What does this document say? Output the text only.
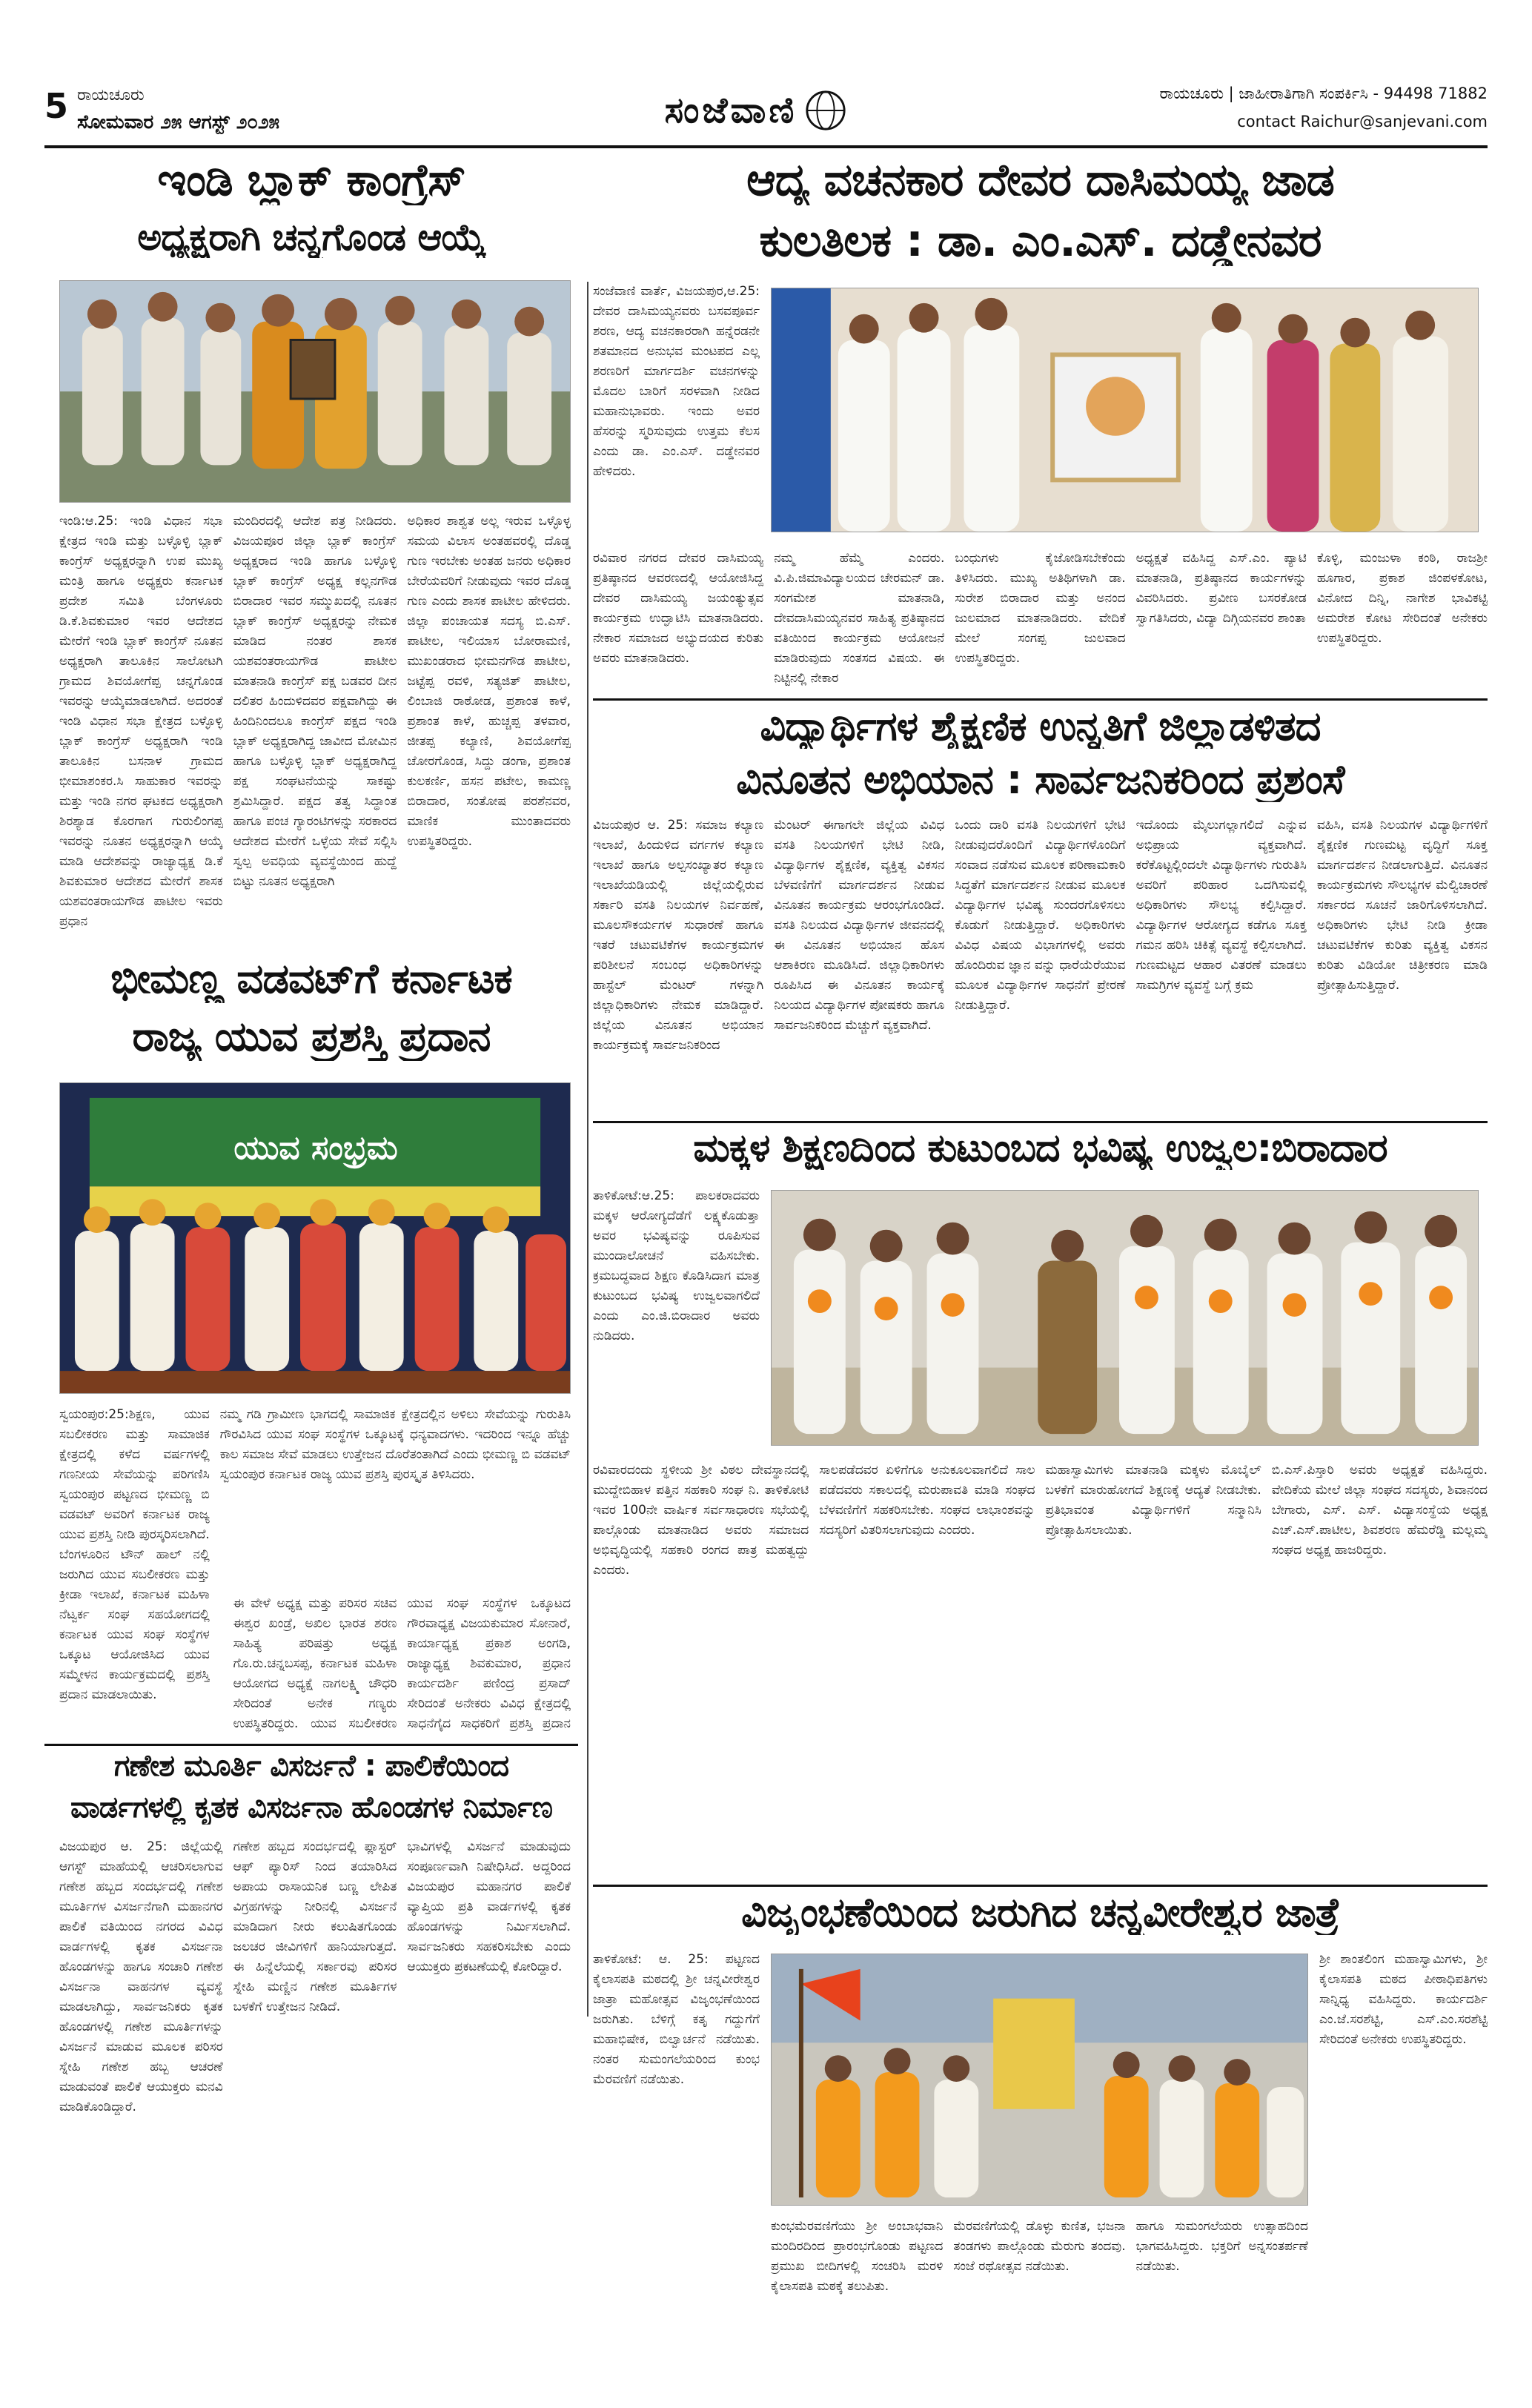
5 ರಾಯಚೂರು
ಸೋಮವಾರ ೨೫ ಆಗಸ್ಟ್ ೨೦೨೫	ಸಂಜೆವಾಣಿ	ರಾಯಚೂರು | ಜಾಹೀರಾತಿಗಾಗಿ ಸಂಪರ್ಕಿಸಿ - 94498 71882
contact Raichur@sanjevani.com
ಇಂಡಿ ಬ್ಲಾಕ್ ಕಾಂಗ್ರೆಸ್
ಅಧ್ಯಕ್ಷರಾಗಿ ಚನ್ನಗೊಂಡ ಆಯ್ಕೆ
ಇಂಡಿ:ಆ.25: ಇಂಡಿ ವಿಧಾನ ಸಭಾ ಕ್ಷೇತ್ರದ ಇಂಡಿ ಮತ್ತು ಬಳ್ಳೊಳ್ಳಿ ಬ್ಲಾಕ್ ಕಾಂಗ್ರೆಸ್ ಅಧ್ಯಕ್ಷರನ್ನಾಗಿ ಉಪ ಮುಖ್ಯ ಮಂತ್ರಿ ಹಾಗೂ ಅಧ್ಯಕ್ಷರು ಕರ್ನಾಟಕ ಪ್ರದೇಶ ಸಮಿತಿ ಬೆಂಗಳೂರು ಡಿ.ಕೆ.ಶಿವಕುಮಾರ ಇವರ ಆದೇಶದ ಮೇರೆಗೆ ಇಂಡಿ ಬ್ಲಾಕ್ ಕಾಂಗ್ರೆಸ್ ನೂತನ ಅಧ್ಯಕ್ಷರಾಗಿ ತಾಲೂಕಿನ ಸಾಲೋಟಗಿ ಗ್ರಾಮದ ಶಿವಯೋಗೆಪ್ಪ ಚನ್ನಗೊಂಡ ಇವರನ್ನು ಆಯ್ಕೆಮಾಡಲಾಗಿದೆ. ಅದರಂತೆ ಇಂಡಿ ವಿಧಾನ ಸಭಾ ಕ್ಷೇತ್ರದ ಬಳ್ಳೊಳ್ಳಿ ಬ್ಲಾಕ್ ಕಾಂಗ್ರೆಸ್ ಅಧ್ಯಕ್ಷರಾಗಿ ಇಂಡಿ ತಾಲೂಕಿನ ಬಸನಾಳ ಗ್ರಾಮದ ಭೀಮಾಶಂಕರ.ಸಿ ಸಾಹುಕಾರ ಇವರನ್ನು ಮತ್ತು ಇಂಡಿ ನಗರ ಘಟಕದ ಅಧ್ಯಕ್ಷರಾಗಿ ಶಿರಶ್ಯಾಡ ಕೊರಗಾಗ ಗುರುಲಿಂಗಪ್ಪ ಇವರನ್ನು ನೂತನ ಅಧ್ಯಕ್ಷರನ್ನಾಗಿ ಆಯ್ಕೆ ಮಾಡಿ ಆದೇಶವನ್ನು ರಾಜ್ಯಾಧ್ಯಕ್ಷ ಡಿ.ಕೆ ಶಿವಕುಮಾರ ಆದೇಶದ ಮೇರೆಗೆ ಶಾಸಕ ಯಶವಂತರಾಯಗೌಡ ಪಾಟೀಲ ಇವರು ಪ್ರಧಾನ
ಮಂದಿರದಲ್ಲಿ ಆದೇಶ ಪತ್ರ ನೀಡಿದರು. ವಿಜಯಪೂರ ಜಿಲ್ಲಾ ಬ್ಲಾಕ್ ಕಾಂಗ್ರೆಸ್ ಅಧ್ಯಕ್ಷರಾದ ಇಂಡಿ ಹಾಗೂ ಬಳ್ಳೊಳ್ಳಿ ಬ್ಲಾಕ್ ಕಾಂಗ್ರೆಸ್ ಅಧ್ಯಕ್ಷ ಕಲ್ಲನಗೌಡ ಬಿರಾದಾರ ಇವರ ಸಮ್ಮುಖದಲ್ಲಿ ನೂತನ ಬ್ಲಾಕ್ ಕಾಂಗ್ರೆಸ್ ಅಧ್ಯಕ್ಷರನ್ನು ನೇಮಕ ಮಾಡಿದ ನಂತರ ಶಾಸಕ ಯಶವಂತರಾಯಗೌಡ ಪಾಟೀಲ ಮಾತನಾಡಿ ಕಾಂಗ್ರೆಸ್ ಪಕ್ಷ ಬಡವರ ದೀನ ದಲಿತರ ಹಿಂದುಳಿದವರ ಪಕ್ಷವಾಗಿದ್ದು ಈ ಹಿಂದಿನಿಂದಲೂ ಕಾಂಗ್ರೆಸ್ ಪಕ್ಷದ ಇಂಡಿ ಬ್ಲಾಕ್ ಅಧ್ಯಕ್ಷರಾಗಿದ್ದ ಜಾವೀದ ಮೋಮಿನ ಹಾಗೂ ಬಳ್ಳೊಳ್ಳಿ ಬ್ಲಾಕ್ ಅಧ್ಯಕ್ಷರಾಗಿದ್ದ ಪಕ್ಷ ಸಂಘಟನೆಯನ್ನು ಸಾಕಷ್ಟು ಶ್ರಮಿಸಿದ್ದಾರೆ. ಪಕ್ಷದ ತತ್ವ ಸಿದ್ಧಾಂತ ಹಾಗೂ ಪಂಚ ಗ್ಯಾರಂಟಿಗಳನ್ನು ಸರಕಾರದ ಆದೇಶದ ಮೇರೆಗೆ ಒಳ್ಳೆಯ ಸೇವೆ ಸಲ್ಲಿಸಿ ಸ್ವಲ್ಪ ಅವಧಿಯ ವ್ಯವಸ್ಥೆಯಿಂದ ಹುದ್ದೆ ಬಿಟ್ಟು ನೂತನ ಅಧ್ಯಕ್ಷರಾಗಿ
ಅಧಿಕಾರ ಶಾಶ್ವತ ಅಲ್ಲ ಇರುವ ಒಳ್ಳೊಳ್ಳ ಸಮಯ ವಿಲಾಸ ಅಂತಹವರಲ್ಲಿ ದೊಡ್ಡ ಗುಣ ಇರಬೇಕು ಅಂತಹ ಜನರು ಅಧಿಕಾರ ಬೇರೆಯವರಿಗೆ ನೀಡುವುದು ಇವರ ದೊಡ್ಡ ಗುಣ ಎಂದು ಶಾಸಕ ಪಾಟೀಲ ಹೇಳಿದರು. ಜಿಲ್ಲಾ ಪಂಚಾಯತ ಸದಸ್ಯ ಬಿ.ಎಸ್. ಪಾಟೀಲ, ಇಲಿಯಾಸ ಬೋರಾಮಣಿ, ಮುಖಂಡರಾದ ಭೀಮನಗೌಡ ಪಾಟೀಲ, ಜಟ್ಟೆಪ್ಪ ರವಳಿ, ಸತ್ಯಜಿತ್ ಪಾಟೀಲ, ಲಿಂಬಾಜಿ ರಾಠೋಡ, ಪ್ರಶಾಂತ ಕಾಳೆ, ಪ್ರಶಾಂತ ಕಾಳೆ, ಹುಚ್ಚಪ್ಪ ತಳವಾರ, ಜೀತಪ್ಪ ಕಲ್ಯಾಣಿ, ಶಿವಯೋಗೆಪ್ಪ ಚೋರಗೊಂಡ, ಸಿದ್ದು ಡಂಗಾ, ಪ್ರಶಾಂತ ಕುಲಕರ್ಣಿ, ಹಸನ ಪಟೇಲ, ಕಾಮಣ್ಣ ಬಿರಾದಾರ, ಸಂತೋಷ ಪರಶೆನವರ, ಮಾಣಿಕ ಮುಂತಾದವರು ಉಪಸ್ಥಿತರಿದ್ದರು.
ಆದ್ಯ ವಚನಕಾರ ದೇವರ ದಾಸಿಮಯ್ಯ ಜಾಡ
ಕುಲತಿಲಕ : ಡಾ. ಎಂ.ಎಸ್. ದಡ್ಡೇನವರ
ಸಂಜೆವಾಣಿ ವಾರ್ತೆ, ವಿಜಯಪುರ,ಆ.25: ದೇವರ ದಾಸಿಮಯ್ಯನವರು ಬಸವಪೂರ್ವ ಶರಣ, ಆದ್ಯ ವಚನಕಾರರಾಗಿ ಹನ್ನೆರಡನೇ ಶತಮಾನದ ಅನುಭವ ಮಂಟಪದ ಎಲ್ಲ ಶರಣರಿಗೆ ಮಾರ್ಗದರ್ಶಿ ವಚನಗಳನ್ನು ಮೊದಲ ಬಾರಿಗೆ ಸರಳವಾಗಿ ನೀಡಿದ ಮಹಾನುಭಾವರು. ಇಂದು ಅವರ ಹೆಸರನ್ನು ಸ್ಮರಿಸುವುದು ಉತ್ತಮ ಕೆಲಸ ಎಂದು ಡಾ. ಎಂ.ಎಸ್. ದಡ್ಡೇನವರ ಹೇಳಿದರು.
ರವಿವಾರ ನಗರದ ದೇವರ ದಾಸಿಮಯ್ಯ ಪ್ರತಿಷ್ಠಾನದ ಆವರಣದಲ್ಲಿ ಆಯೋಜಿಸಿದ್ದ ದೇವರ ದಾಸಿಮಯ್ಯ ಜಯಂತ್ಯುತ್ಸವ ಕಾರ್ಯಕ್ರಮ ಉದ್ಘಾಟಿಸಿ ಮಾತನಾಡಿದರು. ನೇಕಾರ ಸಮಾಜದ ಅಭ್ಯುದಯದ ಕುರಿತು ಅವರು ಮಾತನಾಡಿದರು.
ನಮ್ಮ ಹೆಮ್ಮೆ ಎಂದರು. ವಿ.ಪಿ.ಜಿಮಾವಿದ್ಯಾಲಯದ ಚೇರಮನ್ ಡಾ. ಸಂಗಮೇಶ ಮಾತನಾಡಿ, ದೇವದಾಸಿಮಯ್ಯನವರ ಸಾಹಿತ್ಯ ಪ್ರತಿಷ್ಠಾನದ ವತಿಯಿಂದ ಕಾರ್ಯಕ್ರಮ ಆಯೋಜನೆ ಮಾಡಿರುವುದು ಸಂತಸದ ವಿಷಯ. ಈ ನಿಟ್ಟಿನಲ್ಲಿ ನೇಕಾರ
ಬಂಧುಗಳು ಕೈಜೋಡಿಸಬೇಕೆಂದು ತಿಳಿಸಿದರು. ಮುಖ್ಯ ಅತಿಥಿಗಳಾಗಿ ಡಾ. ಸುರೇಶ ಬಿರಾದಾರ ಮತ್ತು ಅನಂದ ಜುಲಮಾದ ಮಾತನಾಡಿದರು. ವೇದಿಕೆ ಮೇಲೆ ಸಂಗಪ್ಪ ಜುಲವಾದ ಉಪಸ್ಥಿತರಿದ್ದರು.
ಅಧ್ಯಕ್ಷತೆ ವಹಿಸಿದ್ದ ಎಸ್.ಎಂ. ಪ್ಯಾಟಿ ಮಾತನಾಡಿ, ಪ್ರತಿಷ್ಠಾನದ ಕಾರ್ಯಗಳನ್ನು ವಿವರಿಸಿದರು. ಪ್ರವೀಣ ಬಸರಕೋಡ ಸ್ವಾಗತಿಸಿದರು, ವಿದ್ಯಾ ದಿಗ್ಗಿಯನವರ ಶಾಂತಾ
ಕೊಳ್ಳಿ, ಮಂಜುಳಾ ಕಂಠಿ, ರಾಜಶ್ರೀ ಹೂಗಾರ, ಪ್ರಕಾಶ ಜಿಂಪಳಕೋಟ, ವಿನೋದ ದಿನ್ನಿ, ನಾಗೇಶ ಭಾವಿಕಟ್ಟಿ ಅಮರೇಶ ಕೋಟ ಸೇರಿದಂತೆ ಅನೇಕರು ಉಪಸ್ಥಿತರಿದ್ದರು.
ವಿದ್ಯಾರ್ಥಿಗಳ ಶೈಕ್ಷಣಿಕ ಉನ್ನತಿಗೆ ಜಿಲ್ಲಾಡಳಿತದ
ವಿನೂತನ ಅಭಿಯಾನ : ಸಾರ್ವಜನಿಕರಿಂದ ಪ್ರಶಂಸೆ
ವಿಜಯಪುರ ಆ. 25: ಸಮಾಜ ಕಲ್ಯಾಣ ಇಲಾಖೆ, ಹಿಂದುಳಿದ ವರ್ಗಗಳ ಕಲ್ಯಾಣ ಇಲಾಖೆ ಹಾಗೂ ಅಲ್ಪಸಂಖ್ಯಾತರ ಕಲ್ಯಾಣ ಇಲಾಖೆಯಡಿಯಲ್ಲಿ ಜಿಲ್ಲೆಯಲ್ಲಿರುವ ಸರ್ಕಾರಿ ವಸತಿ ನಿಲಯಗಳ ನಿರ್ವಹಣೆ, ಮೂಲಸೌಕರ್ಯಗಳ ಸುಧಾರಣೆ ಹಾಗೂ ಇತರೆ ಚಟುವಟಿಕೆಗಳ ಕಾರ್ಯಕ್ರಮಗಳ ಪರಿಶೀಲನೆ ಸಂಬಂಧ ಅಧಿಕಾರಿಗಳನ್ನು ಹಾಸ್ಟೆಲ್ ಮೆಂಟರ್ ಗಳನ್ನಾಗಿ ಜಿಲ್ಲಾಧಿಕಾರಿಗಳು ನೇಮಕ ಮಾಡಿದ್ದಾರೆ. ಜಿಲ್ಲೆಯ ವಿನೂತನ ಅಭಿಯಾನ ಕಾರ್ಯಕ್ರಮಕ್ಕೆ ಸಾರ್ವಜನಿಕರಿಂದ
ಮೆಂಟರ್ ಈಗಾಗಲೇ ಜಿಲ್ಲೆಯ ವಿವಿಧ ವಸತಿ ನಿಲಯಗಳಿಗೆ ಭೇಟಿ ನೀಡಿ, ವಿದ್ಯಾರ್ಥಿಗಳ ಶೈಕ್ಷಣಿಕ, ವ್ಯಕ್ತಿತ್ವ ವಿಕಸನ ಬೆಳವಣಿಗೆಗೆ ಮಾರ್ಗದರ್ಶನ ನೀಡುವ ವಿನೂತನ ಕಾರ್ಯಕ್ರಮ ಆರಂಭಗೊಂಡಿದೆ. ವಸತಿ ನಿಲಯದ ವಿದ್ಯಾರ್ಥಿಗಳ ಜೀವನದಲ್ಲಿ ಈ ವಿನೂತನ ಅಭಿಯಾನ ಹೊಸ ಆಶಾಕಿರಣ ಮೂಡಿಸಿದೆ. ಜಿಲ್ಲಾಧಿಕಾರಿಗಳು ರೂಪಿಸಿದ ಈ ವಿನೂತನ ಕಾರ್ಯಕ್ಕೆ ನಿಲಯದ ವಿದ್ಯಾರ್ಥಿಗಳ ಪೋಷಕರು ಹಾಗೂ ಸಾರ್ವಜನಿಕರಿಂದ ಮೆಚ್ಚುಗೆ ವ್ಯಕ್ತವಾಗಿದೆ.
ಒಂದು ದಾರಿ ವಸತಿ ನಿಲಯಗಳಿಗೆ ಭೇಟಿ ನೀಡುವುದರೊಂದಿಗೆ ವಿದ್ಯಾರ್ಥಿಗಳೊಂದಿಗೆ ಸಂವಾದ ನಡೆಸುವ ಮೂಲಕ ಪರಿಣಾಮಕಾರಿ ಸಿದ್ಧತೆಗೆ ಮಾರ್ಗದರ್ಶನ ನೀಡುವ ಮೂಲಕ ವಿದ್ಯಾರ್ಥಿಗಳ ಭವಿಷ್ಯ ಸುಂದರಗೊಳಿಸಲು ಕೊಡುಗೆ ನೀಡುತ್ತಿದ್ದಾರೆ. ಅಧಿಕಾರಿಗಳು ವಿವಿಧ ವಿಷಯ ವಿಭಾಗಗಳಲ್ಲಿ ಅವರು ಹೊಂದಿರುವ ಜ್ಞಾನ ವನ್ನು ಧಾರೆಯೆರೆಯುವ ಮೂಲಕ ವಿದ್ಯಾರ್ಥಿಗಳ ಸಾಧನೆಗೆ ಪ್ರೇರಣೆ ನೀಡುತ್ತಿದ್ದಾರೆ.
ಇದೊಂದು ಮೈಲುಗಲ್ಲಾಗಲಿದೆ ಎನ್ನುವ ಅಭಿಪ್ರಾಯ ವ್ಯಕ್ತವಾಗಿದೆ. ಕರೆಕೊಟ್ಟಲ್ಲಿಂದಲೇ ವಿದ್ಯಾರ್ಥಿಗಳು ಗುರುತಿಸಿ ಅವರಿಗೆ ಪರಿಹಾರ ಒದಗಿಸುವಲ್ಲಿ ಅಧಿಕಾರಿಗಳು ಸೌಲಭ್ಯ ಕಲ್ಪಿಸಿದ್ದಾರೆ. ವಿದ್ಯಾರ್ಥಿಗಳ ಆರೋಗ್ಯದ ಕಡೆಗೂ ಸೂಕ್ತ ಗಮನ ಹರಿಸಿ ಚಿಕಿತ್ಸೆ ವ್ಯವಸ್ಥೆ ಕಲ್ಪಿಸಲಾಗಿದೆ. ಗುಣಮಟ್ಟದ ಆಹಾರ ವಿತರಣೆ ಮಾಡಲು ಸಾಮಗ್ರಿಗಳ ವ್ಯವಸ್ಥೆ ಬಗ್ಗೆ ಕ್ರಮ
ವಹಿಸಿ, ವಸತಿ ನಿಲಯಗಳ ವಿದ್ಯಾರ್ಥಿಗಳಿಗೆ ಶೈಕ್ಷಣಿಕ ಗುಣಮಟ್ಟ ವೃದ್ಧಿಗೆ ಸೂಕ್ತ ಮಾರ್ಗದರ್ಶನ ನೀಡಲಾಗುತ್ತಿದೆ. ವಿನೂತನ ಕಾರ್ಯಕ್ರಮಗಳು ಸೌಲಭ್ಯಗಳ ಮೆಲ್ವಿಚಾರಣೆ ಸರ್ಕಾರದ ಸೂಚನೆ ಜಾರಿಗೊಳಿಸಲಾಗಿದೆ. ಅಧಿಕಾರಿಗಳು ಭೇಟಿ ನೀಡಿ ಕ್ರೀಡಾ ಚಟುವಟಿಕೆಗಳ ಕುರಿತು ವ್ಯಕ್ತಿತ್ವ ವಿಕಸನ ಕುರಿತು ವಿಡಿಯೋ ಚಿತ್ರೀಕರಣ ಮಾಡಿ ಪ್ರೋತ್ಸಾಹಿಸುತ್ತಿದ್ದಾರೆ.
ಭೀಮಣ್ಣ ವಡವಟ್‌ಗೆ ಕರ್ನಾಟಕ
ರಾಜ್ಯ ಯುವ ಪ್ರಶಸ್ತಿ ಪ್ರದಾನ
ಯುವ ಸಂಭ್ರಮ
ಸ್ವಯಂಪುರ:25:ಶಿಕ್ಷಣ, ಯುವ ಸಬಲೀಕರಣ ಮತ್ತು ಸಾಮಾಜಿಕ ಕ್ಷೇತ್ರದಲ್ಲಿ ಕಳೆದ ವರ್ಷಗಳಲ್ಲಿ ಗಣನೀಯ ಸೇವೆಯನ್ನು ಪರಿಗಣಿಸಿ ಸ್ವಯಂಪುರ ಪಟ್ಟಣದ ಭೀಮಣ್ಣ ಬಿ ವಡವಟ್ ಅವರಿಗೆ ಕರ್ನಾಟಕ ರಾಜ್ಯ ಯುವ ಪ್ರಶಸ್ತಿ ನೀಡಿ ಪುರಸ್ಕರಿಸಲಾಗಿದೆ. ಬೆಂಗಳೂರಿನ ಟೌನ್ ಹಾಲ್ ನಲ್ಲಿ ಜರುಗಿದ ಯುವ ಸಬಲೀಕರಣ ಮತ್ತು ಕ್ರೀಡಾ ಇಲಾಖೆ, ಕರ್ನಾಟಕ ಮಹಿಳಾ ನೆಟ್ವರ್ಕ ಸಂಘ ಸಹಯೋಗದಲ್ಲಿ ಕರ್ನಾಟಕ ಯುವ ಸಂಘ ಸಂಸ್ಥೆಗಳ ಒಕ್ಕೂಟ ಆಯೋಜಿಸಿದ ಯುವ ಸಮ್ಮೇಳನ ಕಾರ್ಯಕ್ರಮದಲ್ಲಿ ಪ್ರಶಸ್ತಿ ಪ್ರದಾನ ಮಾಡಲಾಯಿತು.
ನಮ್ಮ ಗಡಿ ಗ್ರಾಮೀಣ ಭಾಗದಲ್ಲಿ ಸಾಮಾಜಿಕ ಕ್ಷೇತ್ರದಲ್ಲಿನ ಅಳಿಲು ಸೇವೆಯನ್ನು ಗುರುತಿಸಿ ಗೌರವಿಸಿದ ಯುವ ಸಂಘ ಸಂಸ್ಥೆಗಳ ಒಕ್ಕೂಟಕ್ಕೆ ಧನ್ಯವಾದಗಳು. ಇದರಿಂದ ಇನ್ನೂ ಹೆಚ್ಚು ಕಾಲ ಸಮಾಜ ಸೇವೆ ಮಾಡಲು ಉತ್ತೇಜನ ದೊರೆತಂತಾಗಿದೆ ಎಂದು ಭೀಮಣ್ಣ ಬಿ ವಡವಟ್ ಸ್ವಯಂಪುರ ಕರ್ನಾಟಕ ರಾಜ್ಯ ಯುವ ಪ್ರಶಸ್ತಿ ಪುರಸ್ಕೃತ ತಿಳಿಸಿದರು.
ಈ ವೇಳೆ ಅಧ್ಯಕ್ಷ ಮತ್ತು ಪರಿಸರ ಸಚಿವ ಈಶ್ವರ ಖಂಡ್ರೆ, ಅಖಿಲ ಭಾರತ ಶರಣ ಸಾಹಿತ್ಯ ಪರಿಷತ್ತು ಅಧ್ಯಕ್ಷ ಗೊ.ರು.ಚನ್ನಬಸಪ್ಪ, ಕರ್ನಾಟಕ ಮಹಿಳಾ ಆಯೋಗದ ಅಧ್ಯಕ್ಷೆ ನಾಗಲಕ್ಷ್ಮಿ ಚೌಧರಿ ಸೇರಿದಂತೆ ಅನೇಕ ಗಣ್ಯರು ಉಪಸ್ಥಿತರಿದ್ದರು. ಯುವ ಸಬಲೀಕರಣ
ಯುವ ಸಂಘ ಸಂಸ್ಥೆಗಳ ಒಕ್ಕೂಟದ ಗೌರವಾಧ್ಯಕ್ಷ ವಿಜಯಕುಮಾರ ಸೋನಾರೆ, ಕಾರ್ಯಾಧ್ಯಕ್ಷ ಪ್ರಕಾಶ ಅಂಗಡಿ, ರಾಜ್ಯಾಧ್ಯಕ್ಷ ಶಿವಕುಮಾರ, ಪ್ರಧಾನ ಕಾರ್ಯದರ್ಶಿ ಪಣಿಂದ್ರ ಪ್ರಸಾದ್ ಸೇರಿದಂತೆ ಅನೇಕರು ವಿವಿಧ ಕ್ಷೇತ್ರದಲ್ಲಿ ಸಾಧನೆಗೈದ ಸಾಧಕರಿಗೆ ಪ್ರಶಸ್ತಿ ಪ್ರದಾನ
ಮಕ್ಕಳ ಶಿಕ್ಷಣದಿಂದ ಕುಟುಂಬದ ಭವಿಷ್ಯ ಉಜ್ವಲ:ಬಿರಾದಾರ
ತಾಳಿಕೋಟೆ:ಆ.25: ಪಾಲಕರಾದವರು ಮಕ್ಕಳ ಆರೋಗ್ಯದೆಡೆಗೆ ಲಕ್ಷ್ಯಕೊಡುತ್ತಾ ಅವರ ಭವಿಷ್ಯವನ್ನು ರೂಪಿಸುವ ಮುಂದಾಲೋಚನೆ ವಹಿಸಬೇಕು. ಕ್ರಮಬದ್ಧವಾದ ಶಿಕ್ಷಣ ಕೊಡಿಸಿದಾಗ ಮಾತ್ರ ಕುಟುಂಬದ ಭವಿಷ್ಯ ಉಜ್ವಲವಾಗಲಿದೆ ಎಂದು ಎಂ.ಜಿ.ಬಿರಾದಾರ ಅವರು ನುಡಿದರು.
ರವಿವಾರದಂದು ಸ್ಥಳೀಯ ಶ್ರೀ ವಿಠಲ ದೇವಸ್ಥಾನದಲ್ಲಿ ಮುದ್ದೇಬಿಹಾಳ ಪತ್ತಿನ ಸಹಕಾರಿ ಸಂಘ ನಿ. ತಾಳಿಕೋಟಿ ಇವರ 100ನೇ ವಾರ್ಷಿಕ ಸರ್ವಸಾಧಾರಣ ಸಭೆಯಲ್ಲಿ ಪಾಲ್ಗೊಂಡು ಮಾತನಾಡಿದ ಅವರು ಸಮಾಜದ ಅಭಿವೃದ್ಧಿಯಲ್ಲಿ ಸಹಕಾರಿ ರಂಗದ ಪಾತ್ರ ಮಹತ್ವದ್ದು ಎಂದರು.
ಸಾಲಪಡೆದವರ ಏಳಿಗೆಗೂ ಅನುಕೂಲವಾಗಲಿದೆ ಸಾಲ ಪಡೆದವರು ಸಕಾಲದಲ್ಲಿ ಮರುಪಾವತಿ ಮಾಡಿ ಸಂಘದ ಬೆಳವಣಿಗೆಗೆ ಸಹಕರಿಸಬೇಕು. ಸಂಘದ ಲಾಭಾಂಶವನ್ನು ಸದಸ್ಯರಿಗೆ ವಿತರಿಸಲಾಗುವುದು ಎಂದರು.
ಮಹಾಸ್ವಾಮಿಗಳು ಮಾತನಾಡಿ ಮಕ್ಕಳು ಮೊಬೈಲ್ ಬಳಕೆಗೆ ಮಾರುಹೋಗದೆ ಶಿಕ್ಷಣಕ್ಕೆ ಆದ್ಯತೆ ನೀಡಬೇಕು. ಪ್ರತಿಭಾವಂತ ವಿದ್ಯಾರ್ಥಿಗಳಿಗೆ ಸನ್ಮಾನಿಸಿ ಪ್ರೋತ್ಸಾಹಿಸಲಾಯಿತು.
ಬಿ.ಎಸ್.ಪಿಸ್ತಾರಿ ಅವರು ಅಧ್ಯಕ್ಷತೆ ವಹಿಸಿದ್ದರು. ವೇದಿಕೆಯ ಮೇಲೆ ಜಿಲ್ಲಾ ಸಂಘದ ಸದಸ್ಯರು, ಶಿವಾನಂದ ಬೇಗಾರು, ಎಸ್. ಎಸ್. ವಿದ್ಯಾಸಂಸ್ಥೆಯ ಅಧ್ಯಕ್ಷ ಎಚ್.ಎಸ್.ಪಾಟೀಲ, ಶಿವಶರಣ ಹೆಮರೆಡ್ಡಿ ಮಲ್ಲಮ್ಮ ಸಂಘದ ಅಧ್ಯಕ್ಷ ಹಾಜರಿದ್ದರು.
ಗಣೇಶ ಮೂರ್ತಿ ವಿಸರ್ಜನೆ : ಪಾಲಿಕೆಯಿಂದ
ವಾರ್ಡಗಳಲ್ಲಿ ಕೃತಕ ವಿಸರ್ಜನಾ ಹೊಂಡಗಳ ನಿರ್ಮಾಣ
ವಿಜಯಪುರ ಆ. 25: ಜಿಲ್ಲೆಯಲ್ಲಿ ಆಗಸ್ಟ್ ಮಾಹೆಯಲ್ಲಿ ಆಚರಿಸಲಾಗುವ ಗಣೇಶ ಹಬ್ಬದ ಸಂದರ್ಭದಲ್ಲಿ ಗಣೇಶ ಮೂರ್ತಿಗಳ ವಿಸರ್ಜನೆಗಾಗಿ ಮಹಾನಗರ ಪಾಲಿಕೆ ವತಿಯಿಂದ ನಗರದ ವಿವಿಧ ವಾರ್ಡಗಳಲ್ಲಿ ಕೃತಕ ವಿಸರ್ಜನಾ ಹೊಂಡಗಳನ್ನು ಹಾಗೂ ಸಂಚಾರಿ ಗಣೇಶ ವಿಸರ್ಜನಾ ವಾಹನಗಳ ವ್ಯವಸ್ಥೆ ಮಾಡಲಾಗಿದ್ದು, ಸಾರ್ವಜನಿಕರು ಕೃತಕ ಹೊಂಡಗಳಲ್ಲಿ ಗಣೇಶ ಮೂರ್ತಿಗಳನ್ನು ವಿಸರ್ಜನೆ ಮಾಡುವ ಮೂಲಕ ಪರಿಸರ ಸ್ನೇಹಿ ಗಣೇಶ ಹಬ್ಬ ಆಚರಣೆ ಮಾಡುವಂತೆ ಪಾಲಿಕೆ ಆಯುಕ್ತರು ಮನವಿ ಮಾಡಿಕೊಂಡಿದ್ದಾರೆ.
ಗಣೇಶ ಹಬ್ಬದ ಸಂದರ್ಭದಲ್ಲಿ ಪ್ಲಾಸ್ಟರ್ ಆಫ್ ಪ್ಯಾರಿಸ್ ನಿಂದ ತಯಾರಿಸಿದ ಅಪಾಯ ರಾಸಾಯನಿಕ ಬಣ್ಣ ಲೇಪಿತ ವಿಗ್ರಹಗಳನ್ನು ನೀರಿನಲ್ಲಿ ವಿಸರ್ಜನೆ ಮಾಡಿದಾಗ ನೀರು ಕಲುಷಿತಗೊಂಡು ಜಲಚರ ಜೀವಿಗಳಿಗೆ ಹಾನಿಯಾಗುತ್ತದೆ. ಈ ಹಿನ್ನೆಲೆಯಲ್ಲಿ ಸರ್ಕಾರವು ಪರಿಸರ ಸ್ನೇಹಿ ಮಣ್ಣಿನ ಗಣೇಶ ಮೂರ್ತಿಗಳ ಬಳಕೆಗೆ ಉತ್ತೇಜನ ನೀಡಿದೆ.
ಭಾವಿಗಳಲ್ಲಿ ವಿಸರ್ಜನೆ ಮಾಡುವುದು ಸಂಪೂರ್ಣವಾಗಿ ನಿಷೇಧಿಸಿದೆ. ಅದ್ದರಿಂದ ವಿಜಯಪುರ ಮಹಾನಗರ ಪಾಲಿಕೆ ವ್ಯಾಪ್ತಿಯ ಪ್ರತಿ ವಾರ್ಡಗಳಲ್ಲಿ ಕೃತಕ ಹೊಂಡಗಳನ್ನು ನಿರ್ಮಿಸಲಾಗಿದೆ. ಸಾರ್ವಜನಿಕರು ಸಹಕರಿಸಬೇಕು ಎಂದು ಆಯುಕ್ತರು ಪ್ರಕಟಣೆಯಲ್ಲಿ ಕೋರಿದ್ದಾರೆ.
ವಿಜೃಂಭಣೆಯಿಂದ ಜರುಗಿದ ಚನ್ನವೀರೇಶ್ವರ ಜಾತ್ರೆ
ತಾಳಿಕೋಟೆ: ಆ. 25: ಪಟ್ಟಣದ ಕೈಲಾಸಪತಿ ಮಠದಲ್ಲಿ ಶ್ರೀ ಚನ್ನವೀರೇಶ್ವರ ಜಾತ್ರಾ ಮಹೋತ್ಸವ ವಿಜೃಂಭಣೆಯಿಂದ ಜರುಗಿತು. ಬೆಳಿಗ್ಗೆ ಕತೃ ಗದ್ದುಗೆಗೆ ಮಹಾಭಿಷೇಕ, ಬಿಲ್ವಾರ್ಚನೆ ನಡೆಯಿತು. ನಂತರ ಸುಮಂಗಲೆಯರಿಂದ ಕುಂಭ ಮೆರವಣಿಗೆ ನಡೆಯಿತು.
ಶ್ರೀ ಶಾಂತಲಿಂಗ ಮಹಾಸ್ವಾಮಿಗಳು, ಶ್ರೀ ಕೈಲಾಸಪತಿ ಮಠದ ಪೀಠಾಧಿಪತಿಗಳು ಸಾನ್ನಿಧ್ಯ ವಹಿಸಿದ್ದರು. ಕಾರ್ಯದರ್ಶಿ ಎಂ.ಜೆ.ಸರಶೆಟ್ಟಿ, ಎಸ್.ಎಂ.ಸರಶೆಟ್ಟಿ ಸೇರಿದಂತೆ ಅನೇಕರು ಉಪಸ್ಥಿತರಿದ್ದರು.
ಕುಂಭಮೆರವಣಿಗೆಯು ಶ್ರೀ ಅಂಬಾಭವಾನಿ ಮಂದಿರದಿಂದ ಪ್ರಾರಂಭಗೊಂಡು ಪಟ್ಟಣದ ಪ್ರಮುಖ ಬೀದಿಗಳಲ್ಲಿ ಸಂಚರಿಸಿ ಮರಳಿ ಕೈಲಾಸಪತಿ ಮಠಕ್ಕೆ ತಲುಪಿತು.
ಮೆರವಣಿಗೆಯಲ್ಲಿ ಡೊಳ್ಳು ಕುಣಿತ, ಭಜನಾ ತಂಡಗಳು ಪಾಲ್ಗೊಂಡು ಮೆರುಗು ತಂದವು. ಸಂಜೆ ರಥೋತ್ಸವ ನಡೆಯಿತು.
ಹಾಗೂ ಸುಮಂಗಲೆಯರು ಉತ್ಸಾಹದಿಂದ ಭಾಗವಹಿಸಿದ್ದರು. ಭಕ್ತರಿಗೆ ಅನ್ನಸಂತರ್ಪಣೆ ನಡೆಯಿತು.
